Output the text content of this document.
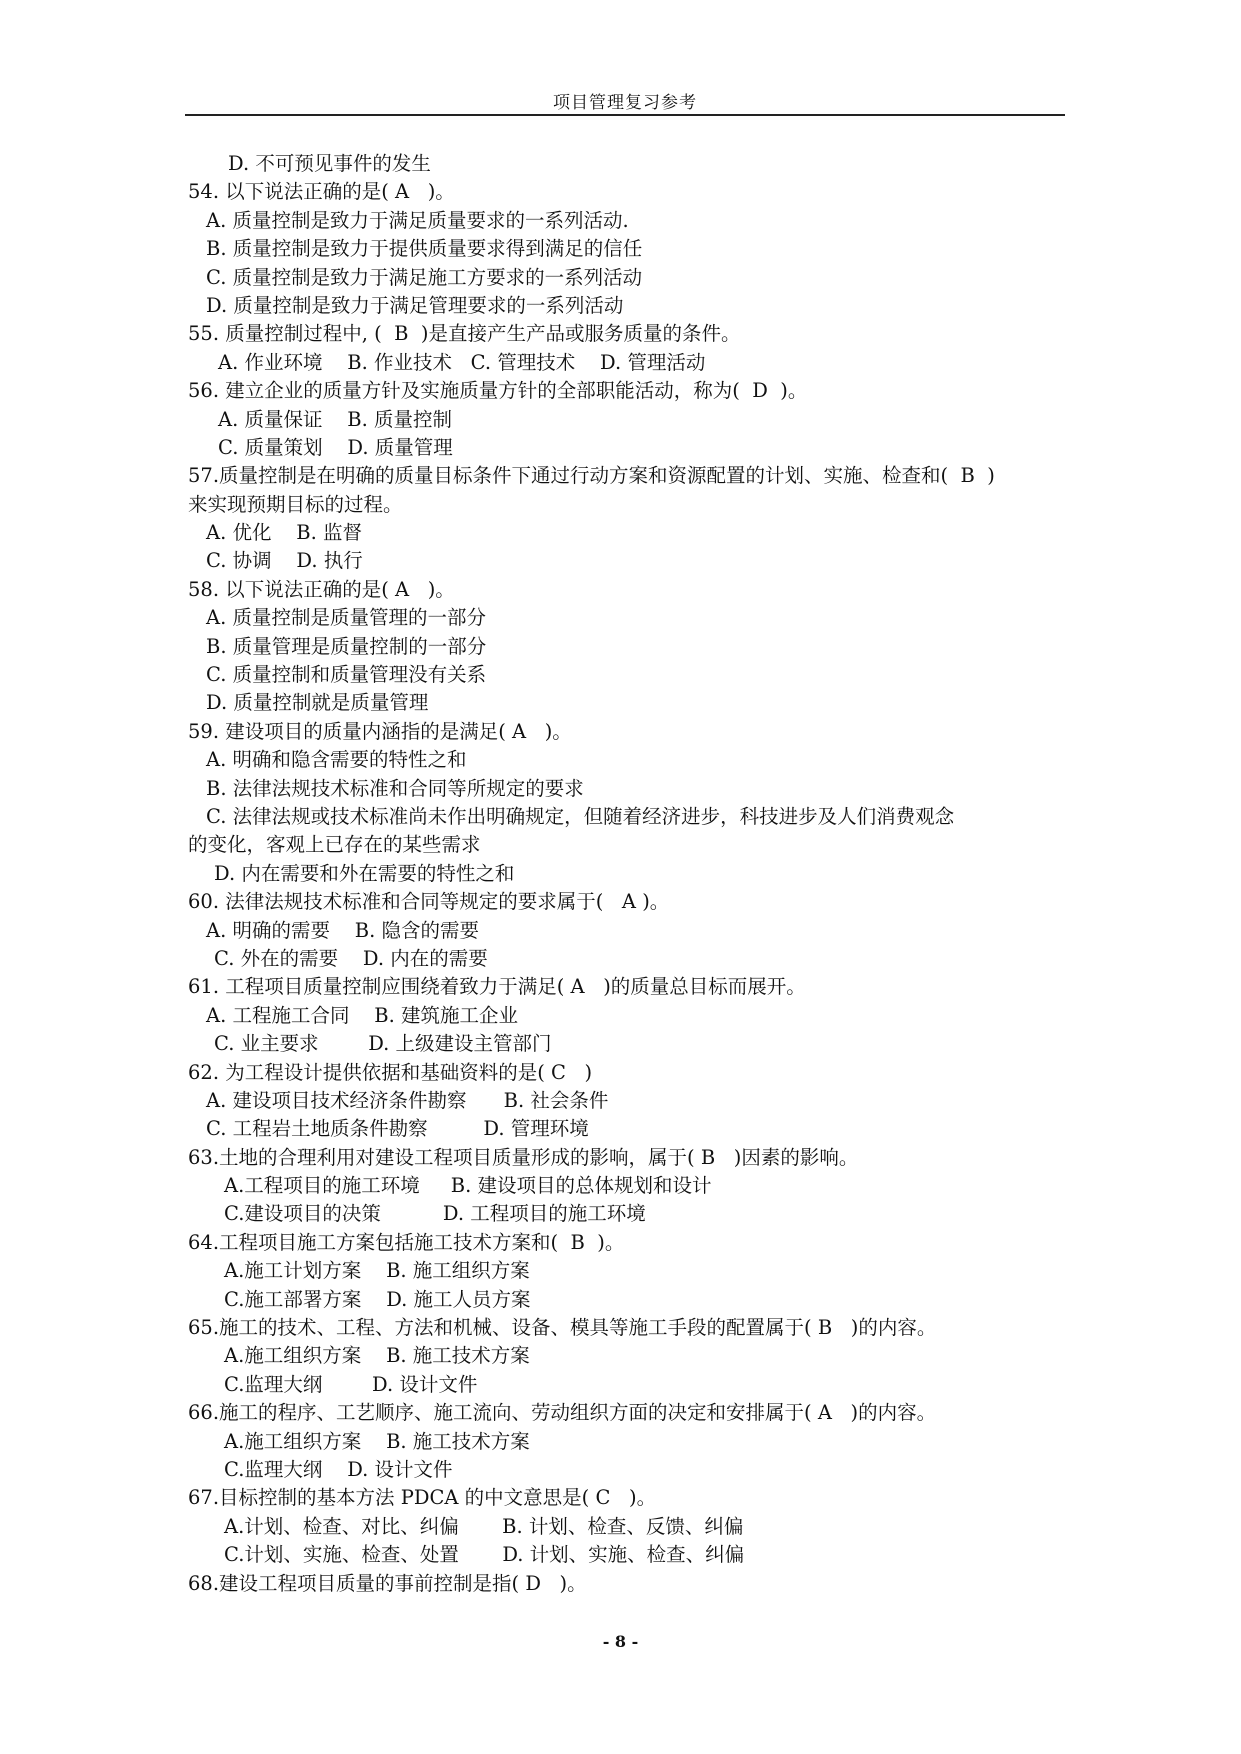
项目管理复习参考
D. 不可预见事件的发生
54. 以下说法正确的是( A   )。
A. 质量控制是致力于满足质量要求的一系列活动.
B. 质量控制是致力于提供质量要求得到满足的信任
C. 质量控制是致力于满足施工方要求的一系列活动
D. 质量控制是致力于满足管理要求的一系列活动
55. 质量控制过程中, (  B  )是直接产生产品或服务质量的条件。
A. 作业环境    B. 作业技术   C. 管理技术    D. 管理活动
56. 建立企业的质量方针及实施质量方针的全部职能活动，称为(  D  )。
A. 质量保证    B. 质量控制
C. 质量策划    D. 质量管理
57.质量控制是在明确的质量目标条件下通过行动方案和资源配置的计划、实施、检查和(  B  )
来实现预期目标的过程。
A. 优化    B. 监督
C. 协调    D. 执行
58. 以下说法正确的是( A   )。
A. 质量控制是质量管理的一部分
B. 质量管理是质量控制的一部分
C. 质量控制和质量管理没有关系
D. 质量控制就是质量管理
59. 建设项目的质量内涵指的是满足( A   )。
A. 明确和隐含需要的特性之和
B. 法律法规技术标准和合同等所规定的要求
C. 法律法规或技术标准尚未作出明确规定，但随着经济进步，科技进步及人们消费观念
的变化，客观上已存在的某些需求
D. 内在需要和外在需要的特性之和
60. 法律法规技术标准和合同等规定的要求属于(   A )。
A. 明确的需要    B. 隐含的需要
C. 外在的需要    D. 内在的需要
61. 工程项目质量控制应围绕着致力于满足( A   )的质量总目标而展开。
A. 工程施工合同    B. 建筑施工企业
C. 业主要求        D. 上级建设主管部门
62. 为工程设计提供依据和基础资料的是( C   )
A. 建设项目技术经济条件勘察      B. 社会条件
C. 工程岩土地质条件勘察         D. 管理环境
63.土地的合理利用对建设工程项目质量形成的影响，属于( B   )因素的影响。
A.工程项目的施工环境     B. 建设项目的总体规划和设计
C.建设项目的决策          D. 工程项目的施工环境
64.工程项目施工方案包括施工技术方案和(  B  )。
A.施工计划方案    B. 施工组织方案
C.施工部署方案    D. 施工人员方案
65.施工的技术、工程、方法和机械、设备、模具等施工手段的配置属于( B   )的内容。
A.施工组织方案    B. 施工技术方案
C.监理大纲        D. 设计文件
66.施工的程序、工艺顺序、施工流向、劳动组织方面的决定和安排属于( A   )的内容。
A.施工组织方案    B. 施工技术方案
C.监理大纲    D. 设计文件
67.目标控制的基本方法 PDCA 的中文意思是( C   )。
A.计划、检查、对比、纠偏       B. 计划、检查、反馈、纠偏
C.计划、实施、检查、处置       D. 计划、实施、检查、纠偏
68.建设工程项目质量的事前控制是指( D   )。
- 8 -
